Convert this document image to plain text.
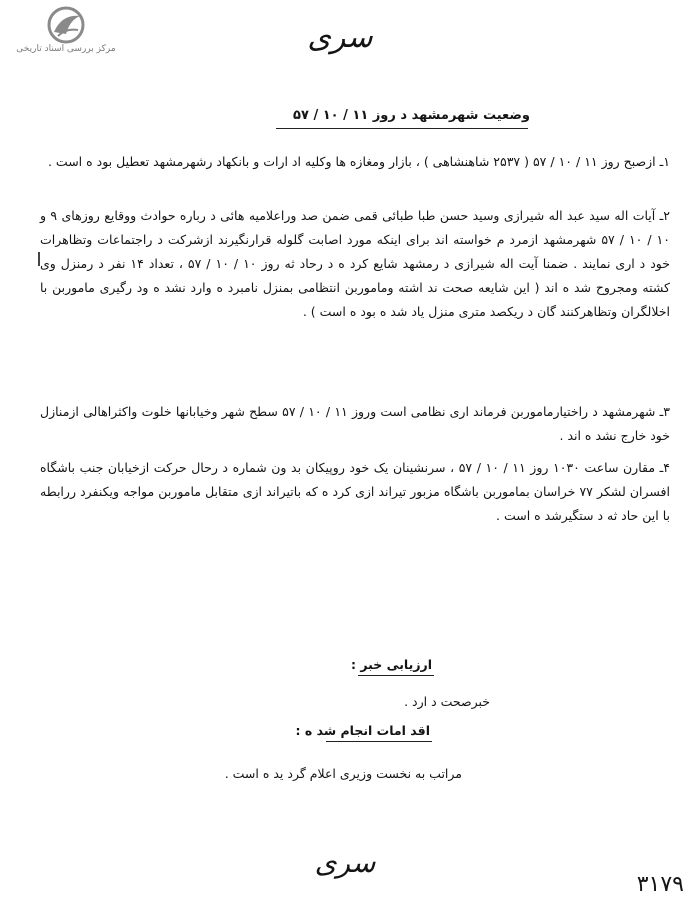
مرکز بررسی اسناد تاریخی	سری
وضعیت شهرمشهد د روز ۱۱ / ۱۰ / ۵۷
۱ـ ازصبح روز ۱۱ / ۱۰ / ۵۷ ( ۲۵۳۷ شاهنشاهی ) ، بازار ومغازه ها وکلیه اد ارات و بانکهاد رشهرمشهد تعطیل بود ه است .
۲ـ آیات اله سید عبد اله شیرازی وسید حسن طبا طبائی قمی ضمن صد وراعلامیه هائی د رباره حوادث ووقایع روزهای ۹ و ۱۰ / ۱۰ / ۵۷ شهرمشهد ازمرد م خواسته اند برای اینکه مورد اصابت گلوله قرارنگیرند ازشرکت د راجتماعات وتظاهرات خود د اری نمایند . ضمنا آیت اله شیرازی د رمشهد شایع کرد ه د رحاد ثه روز ۱۰ / ۱۰ / ۵۷ ، تعداد ۱۴ نفر د رمنزل وی کشته ومجروح شد ه اند ( این شایعه صحت ند اشته وماموربن انتظامی بمنزل نامبرد ه وارد نشد ه ود رگیری ماموربن با اخلالگران وتظاهرکنند گان د ریکصد متری منزل یاد شد ه بود ه است ) .
۳ـ شهرمشهد د راختیارماموربن فرماند اری نظامی است وروز ۱۱ / ۱۰ / ۵۷ سطح شهر وخیابانها خلوت واکثراهالی ازمنازل خود خارج نشد ه اند .
۴ـ مقارن ساعت ۱۰۳۰ روز ۱۱ / ۱۰ / ۵۷ ، سرنشینان یک خود روپیکان بد ون شماره د رحال حرکت ازخیابان جنب باشگاه افسران لشکر ۷۷ خراسان بماموربن باشگاه مزبور تیراند ازی کرد ه که باتیراند ازی متقابل ماموربن مواجه ویکنفرد ررابطه با این حاد ثه د ستگیرشد ه است .
ارزیابی خبر :
خبرصحت د ارد .
اقد امات انجام شد ه :
مراتب به نخست وزیری اعلام گرد ید ه است .
سری
۳۱۷۹
